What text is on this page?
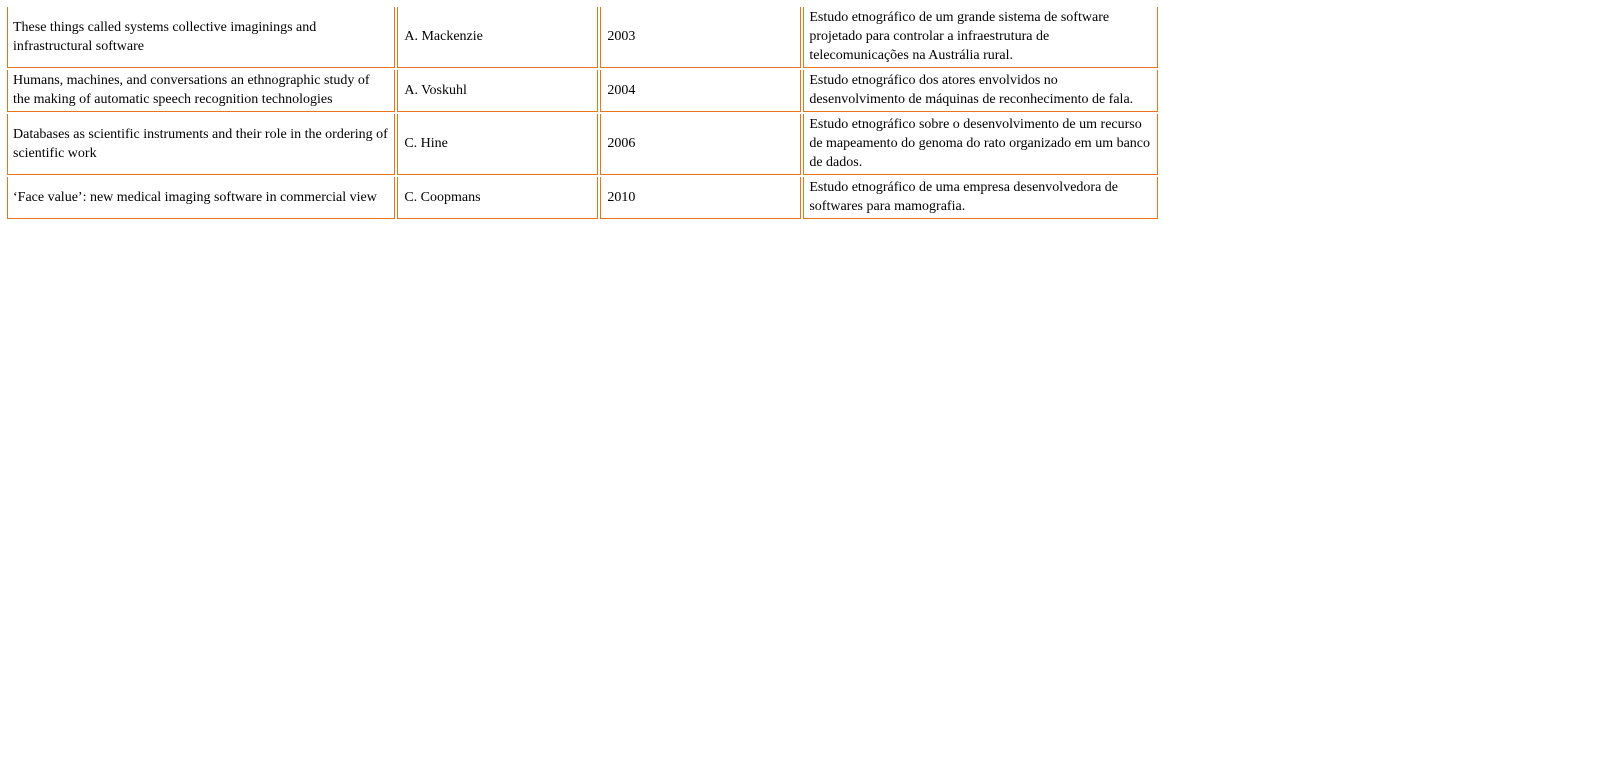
These things called systems collective imaginings and infrastructural software	A. Mackenzie	2003	Estudo etnográfico de um grande sistema de software projetado para controlar a infraestrutura de telecomunicações na Austrália rural.
Humans, machines, and conversations an ethnographic study of the making of automatic speech recognition technologies	A. Voskuhl	2004	Estudo etnográfico dos atores envolvidos no desenvolvimento de máquinas de reconhecimento de fala.
Databases as scientific instruments and their role in the ordering of scientific work	C. Hine	2006	Estudo etnográfico sobre o desenvolvimento de um recurso de mapeamento do genoma do rato organizado em um banco de dados.
‘Face value’: new medical imaging software in commercial view	C. Coopmans	2010	Estudo etnográfico de uma empresa desenvolvedora de softwares para mamografia.
